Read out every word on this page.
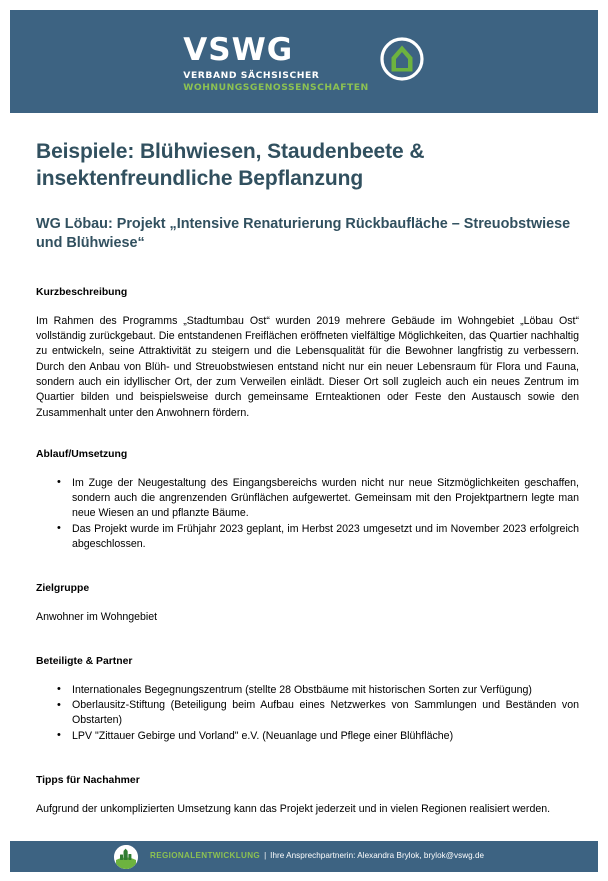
VSWG
VERBAND SÄCHSISCHER
WOHNUNGSGENOSSENSCHAFTEN
Beispiele: Blühwiesen, Staudenbeete & insektenfreundliche Bepflanzung
WG Löbau: Projekt „Intensive Renaturierung Rückbaufläche – Streuobstwiese und Blühwiese“
Kurzbeschreibung

Im Rahmen des Programms „Stadtumbau Ost“ wurden 2019 mehrere Gebäude im Wohngebiet „Löbau Ost“ vollständig zurückgebaut. Die entstandenen Freiflächen eröffneten vielfältige Möglichkeiten, das Quartier nachhaltig zu entwickeln, seine Attraktivität zu steigern und die Lebensqualität für die Bewohner langfristig zu verbessern. Durch den Anbau von Blüh- und Streuobstwiesen entstand nicht nur ein neuer Lebensraum für Flora und Fauna, sondern auch ein idyllischer Ort, der zum Verweilen einlädt. Dieser Ort soll zugleich auch ein neues Zentrum im Quartier bilden und beispielsweise durch gemeinsame Ernteaktionen oder Feste den Austausch sowie den Zusammenhalt unter den Anwohnern fördern.

Ablauf/Umsetzung
• Im Zuge der Neugestaltung des Eingangsbereichs wurden nicht nur neue Sitzmöglichkeiten geschaffen, sondern auch die angrenzenden Grünflächen aufgewertet. Gemeinsam mit den Projektpartnern legte man neue Wiesen an und pflanzte Bäume.
• Das Projekt wurde im Frühjahr 2023 geplant, im Herbst 2023 umgesetzt und im November 2023 erfolgreich abgeschlossen.
Zielgruppe

Anwohner im Wohngebiet

Beteiligte & Partner
• Internationales Begegnungszentrum (stellte 28 Obstbäume mit historischen Sorten zur Verfügung)
• Oberlausitz-Stiftung (Beteiligung beim Aufbau eines Netzwerkes von Sammlungen und Beständen von Obstarten)
• LPV "Zittauer Gebirge und Vorland" e.V. (Neuanlage und Pflege einer Blühfläche)
Tipps für Nachahmer

Aufgrund der unkomplizierten Umsetzung kann das Projekt jederzeit und in vielen Regionen realisiert werden.

REGIONALENTWICKLUNG | Ihre Ansprechpartnerin: Alexandra Brylok, brylok@vswg.de
